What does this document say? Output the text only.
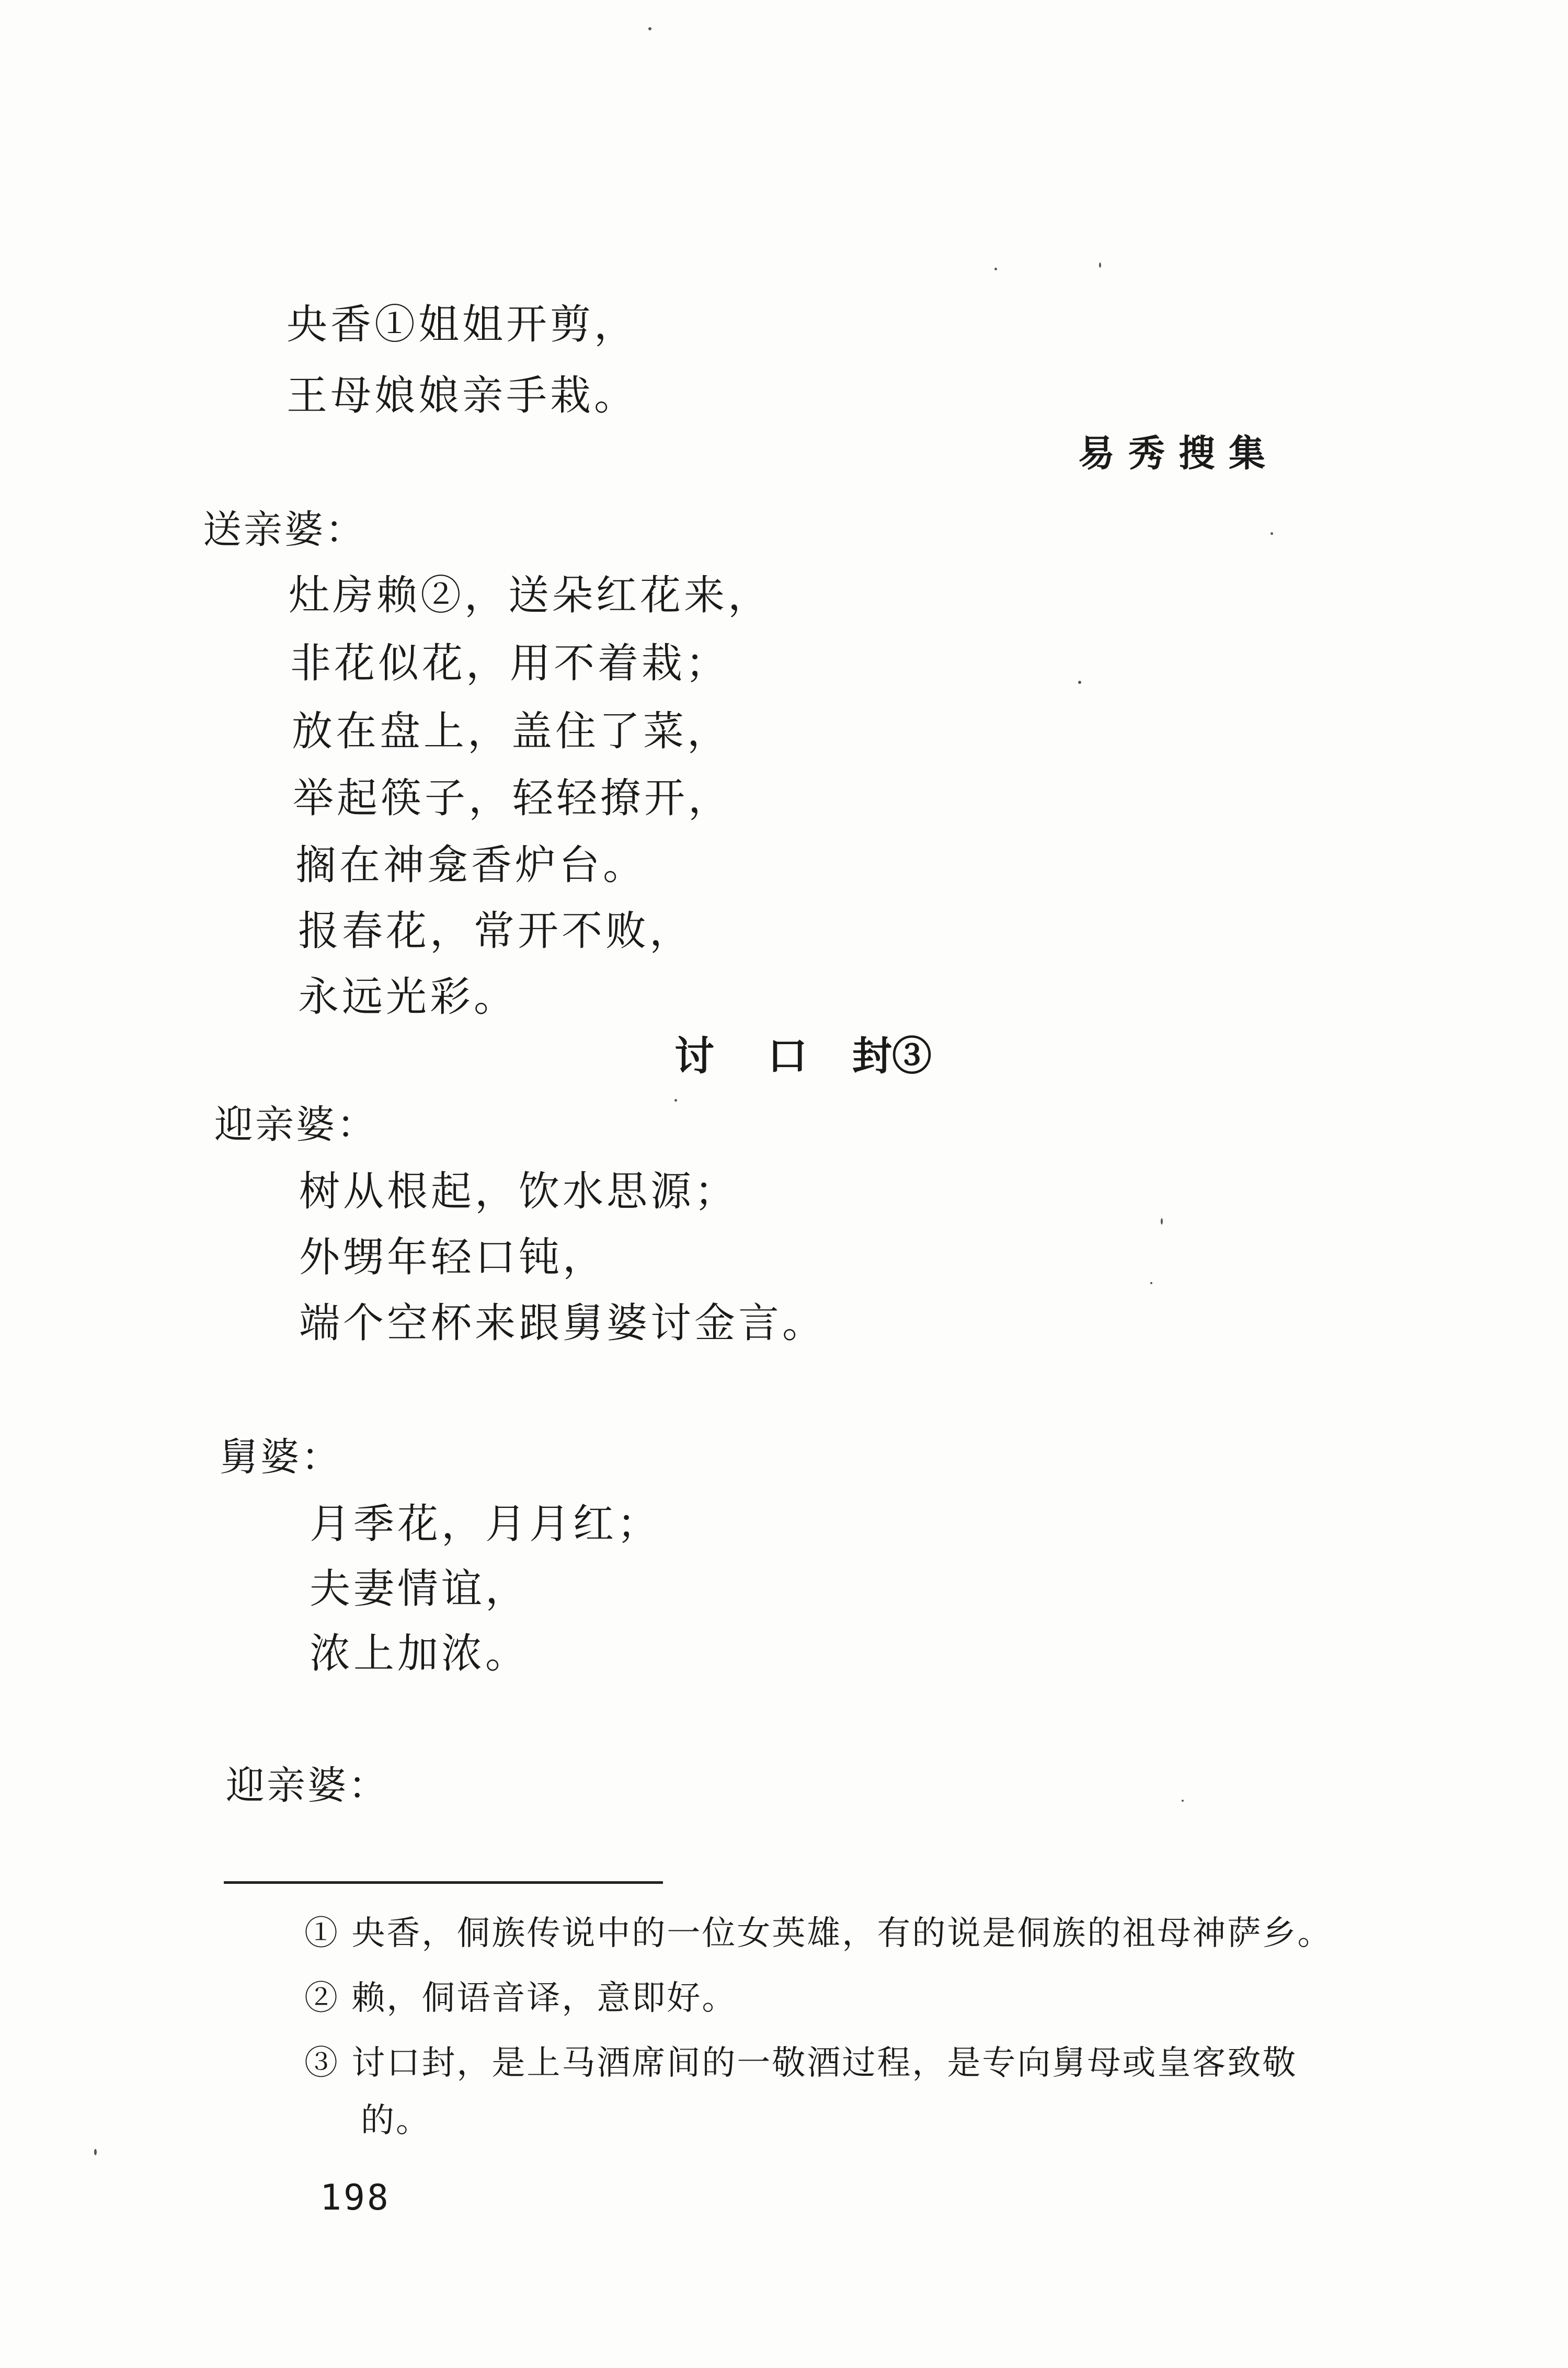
央香①姐姐开剪，
王母娘娘亲手栽。
易秀搜集
送亲婆：
灶房赖②，送朵红花来，
非花似花，用不着栽；
放在盘上，盖住了菜，
举起筷子，轻轻撩开，
搁在神龛香炉台。
报春花，常开不败，
永远光彩。
讨 口 封③
迎亲婆：
树从根起，饮水思源；
外甥年轻口钝，
端个空杯来跟舅婆讨金言。
舅婆：
月季花，月月红；
夫妻情谊，
浓上加浓。
迎亲婆：
① 央香，侗族传说中的一位女英雄，有的说是侗族的祖母神萨乡。
② 赖，侗语音译，意即好。
③ 讨口封，是上马酒席间的一敬酒过程，是专向舅母或皇客致敬
的。
198
